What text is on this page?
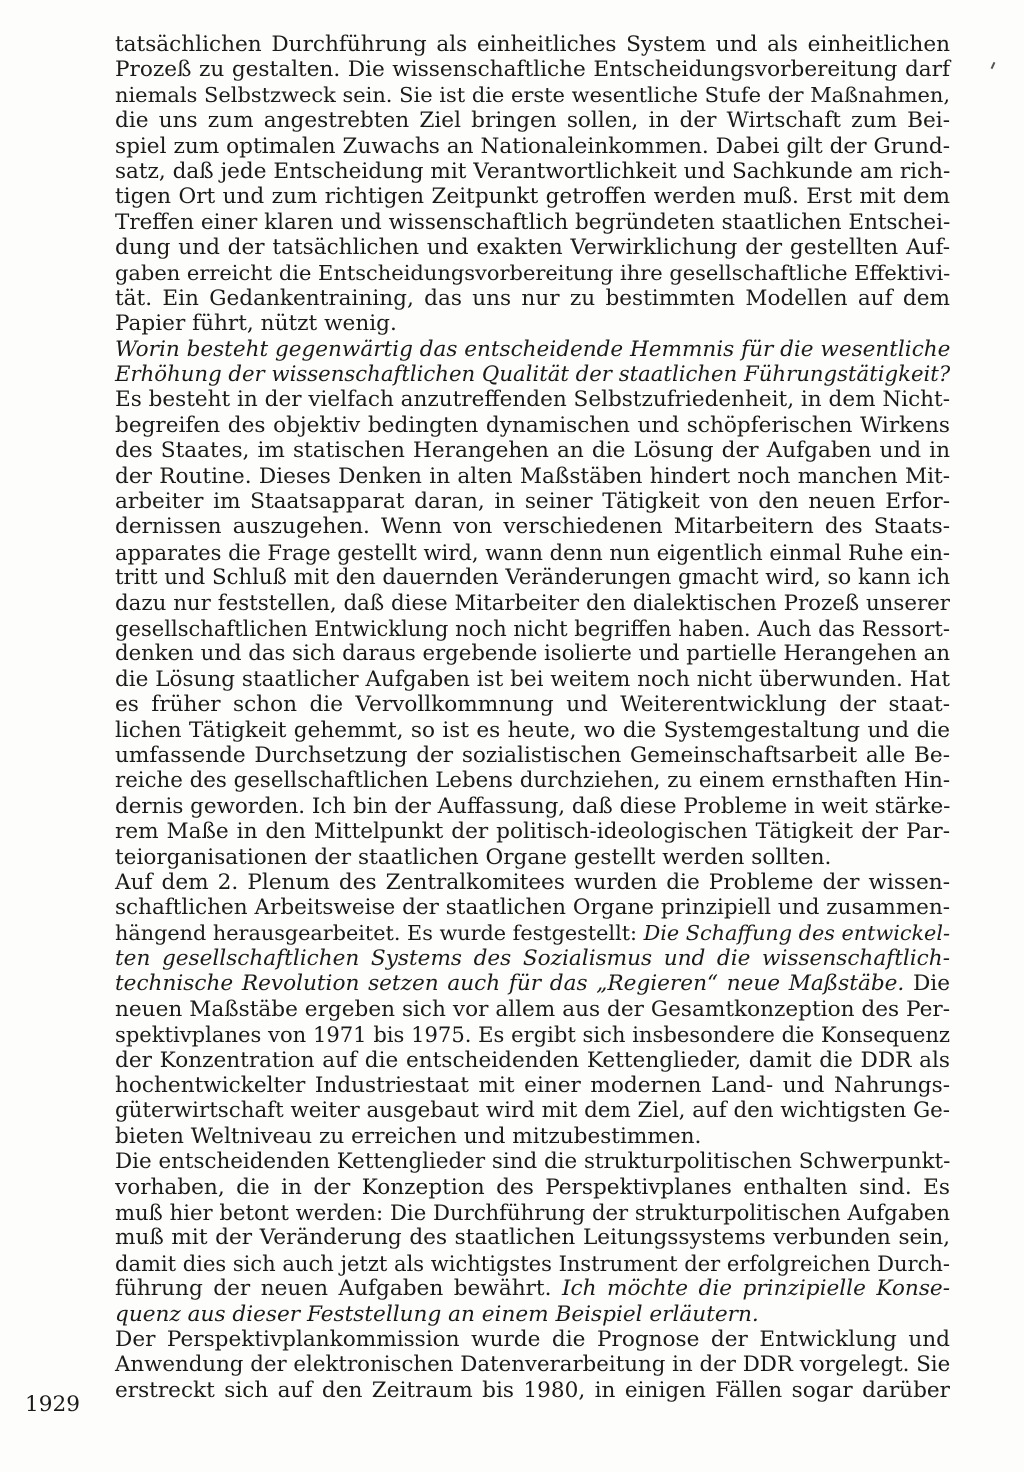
tatsächlichen Durchführung als einheitliches System und als einheitlichen
Prozeß zu gestalten. Die wissenschaftliche Entscheidungsvorbereitung darf
niemals Selbstzweck sein. Sie ist die erste wesentliche Stufe der Maßnahmen,
die uns zum angestrebten Ziel bringen sollen, in der Wirtschaft zum Bei-
spiel zum optimalen Zuwachs an Nationaleinkommen. Dabei gilt der Grund-
satz, daß jede Entscheidung mit Verantwortlichkeit und Sachkunde am rich-
tigen Ort und zum richtigen Zeitpunkt getroffen werden muß. Erst mit dem
Treffen einer klaren und wissenschaftlich begründeten staatlichen Entschei-
dung und der tatsächlichen und exakten Verwirklichung der gestellten Auf-
gaben erreicht die Entscheidungsvorbereitung ihre gesellschaftliche Effektivi-
tät. Ein Gedankentraining, das uns nur zu bestimmten Modellen auf dem
Papier führt, nützt wenig.
Worin besteht gegenwärtig das entscheidende Hemmnis für die wesentliche
Erhöhung der wissenschaftlichen Qualität der staatlichen Führungstätigkeit?
Es besteht in der vielfach anzutreffenden Selbstzufriedenheit, in dem Nicht-
begreifen des objektiv bedingten dynamischen und schöpferischen Wirkens
des Staates, im statischen Herangehen an die Lösung der Aufgaben und in
der Routine. Dieses Denken in alten Maßstäben hindert noch manchen Mit-
arbeiter im Staatsapparat daran, in seiner Tätigkeit von den neuen Erfor-
dernissen auszugehen. Wenn von verschiedenen Mitarbeitern des Staats-
apparates die Frage gestellt wird, wann denn nun eigentlich einmal Ruhe ein-
tritt und Schluß mit den dauernden Veränderungen gmacht wird, so kann ich
dazu nur feststellen, daß diese Mitarbeiter den dialektischen Prozeß unserer
gesellschaftlichen Entwicklung noch nicht begriffen haben. Auch das Ressort-
denken und das sich daraus ergebende isolierte und partielle Herangehen an
die Lösung staatlicher Aufgaben ist bei weitem noch nicht überwunden. Hat
es früher schon die Vervollkommnung und Weiterentwicklung der staat-
lichen Tätigkeit gehemmt, so ist es heute, wo die Systemgestaltung und die
umfassende Durchsetzung der sozialistischen Gemeinschaftsarbeit alle Be-
reiche des gesellschaftlichen Lebens durchziehen, zu einem ernsthaften Hin-
dernis geworden. Ich bin der Auffassung, daß diese Probleme in weit stärke-
rem Maße in den Mittelpunkt der politisch-ideologischen Tätigkeit der Par-
teiorganisationen der staatlichen Organe gestellt werden sollten.
Auf dem 2. Plenum des Zentralkomitees wurden die Probleme der wissen-
schaftlichen Arbeitsweise der staatlichen Organe prinzipiell und zusammen-
hängend herausgearbeitet. Es wurde festgestellt: Die Schaffung des entwickel-
ten gesellschaftlichen Systems des Sozialismus und die wissenschaftlich-
technische Revolution setzen auch für das „Regieren“ neue Maßstäbe. Die
neuen Maßstäbe ergeben sich vor allem aus der Gesamtkonzeption des Per-
spektivplanes von 1971 bis 1975. Es ergibt sich insbesondere die Konsequenz
der Konzentration auf die entscheidenden Kettenglieder, damit die DDR als
hochentwickelter Industriestaat mit einer modernen Land- und Nahrungs-
güterwirtschaft weiter ausgebaut wird mit dem Ziel, auf den wichtigsten Ge-
bieten Weltniveau zu erreichen und mitzubestimmen.
Die entscheidenden Kettenglieder sind die strukturpolitischen Schwerpunkt-
vorhaben, die in der Konzeption des Perspektivplanes enthalten sind. Es
muß hier betont werden: Die Durchführung der strukturpolitischen Aufgaben
muß mit der Veränderung des staatlichen Leitungssystems verbunden sein,
damit dies sich auch jetzt als wichtigstes Instrument der erfolgreichen Durch-
führung der neuen Aufgaben bewährt. Ich möchte die prinzipielle Konse-
quenz aus dieser Feststellung an einem Beispiel erläutern.
Der Perspektivplankommission wurde die Prognose der Entwicklung und
Anwendung der elektronischen Datenverarbeitung in der DDR vorgelegt. Sie
erstreckt sich auf den Zeitraum bis 1980, in einigen Fällen sogar darüber
1929
